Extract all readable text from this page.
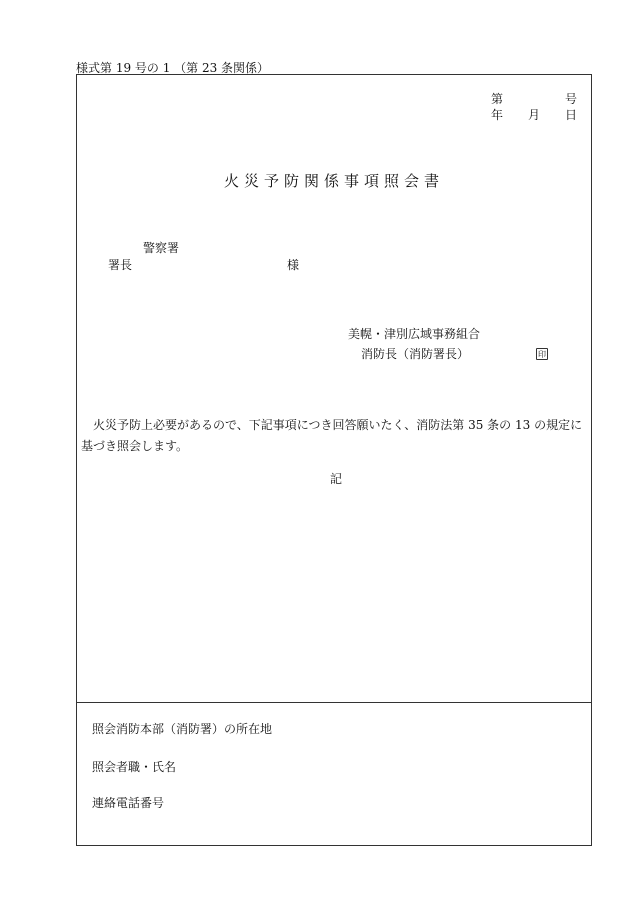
様式第 19 号の 1 （第 23 条関係）
第	号
年 月 日
火災予防関係事項照会書
警察署
署長	様
美幌・津別広域事務組合
消防長（消防署長）	印
火災予防上必要があるので、下記事項につき回答願いたく、消防法第 35 条の 13 の規定に基づき照会します。
記
照会消防本部（消防署）の所在地
照会者職・氏名
連絡電話番号
